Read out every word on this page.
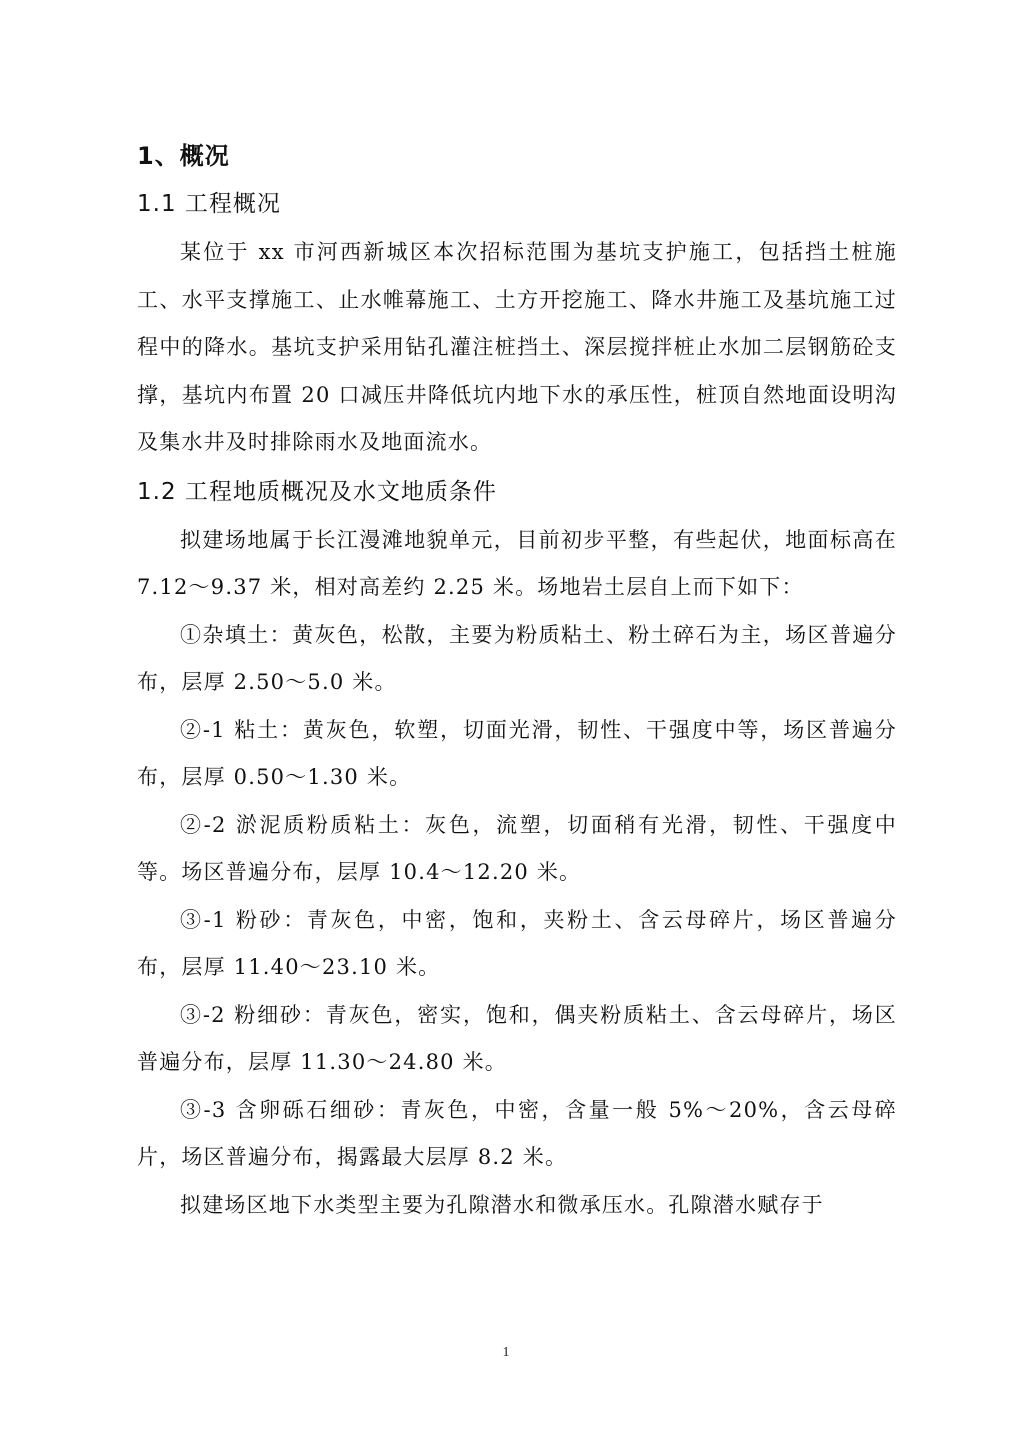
1、概况
1.1 工程概况

某位于 xx 市河西新城区本次招标范围为基坑支护施工，包括挡土桩施工、水平支撑施工、止水帷幕施工、土方开挖施工、降水井施工及基坑施工过程中的降水。基坑支护采用钻孔灌注桩挡土、深层搅拌桩止水加二层钢筋砼支撑，基坑内布置 20 口减压井降低坑内地下水的承压性，桩顶自然地面设明沟及集水井及时排除雨水及地面流水。

1.2 工程地质概况及水文地质条件

拟建场地属于长江漫滩地貌单元，目前初步平整，有些起伏，地面标高在 7.12～9.37 米，相对高差约 2.25 米。场地岩土层自上而下如下：

①杂填土：黄灰色，松散，主要为粉质粘土、粉土碎石为主，场区普遍分布，层厚 2.50～5.0 米。

②-1 粘土：黄灰色，软塑，切面光滑，韧性、干强度中等，场区普遍分布，层厚 0.50～1.30 米。

②-2 淤泥质粉质粘土：灰色，流塑，切面稍有光滑，韧性、干强度中等。场区普遍分布，层厚 10.4～12.20 米。

③-1 粉砂：青灰色，中密，饱和，夹粉土、含云母碎片，场区普遍分布，层厚 11.40～23.10 米。

③-2 粉细砂：青灰色，密实，饱和，偶夹粉质粘土、含云母碎片，场区普遍分布，层厚 11.30～24.80 米。

③-3 含卵砾石细砂：青灰色，中密，含量一般 5%～20%，含云母碎片，场区普遍分布，揭露最大层厚 8.2 米。

拟建场区地下水类型主要为孔隙潜水和微承压水。孔隙潜水赋存于

1
